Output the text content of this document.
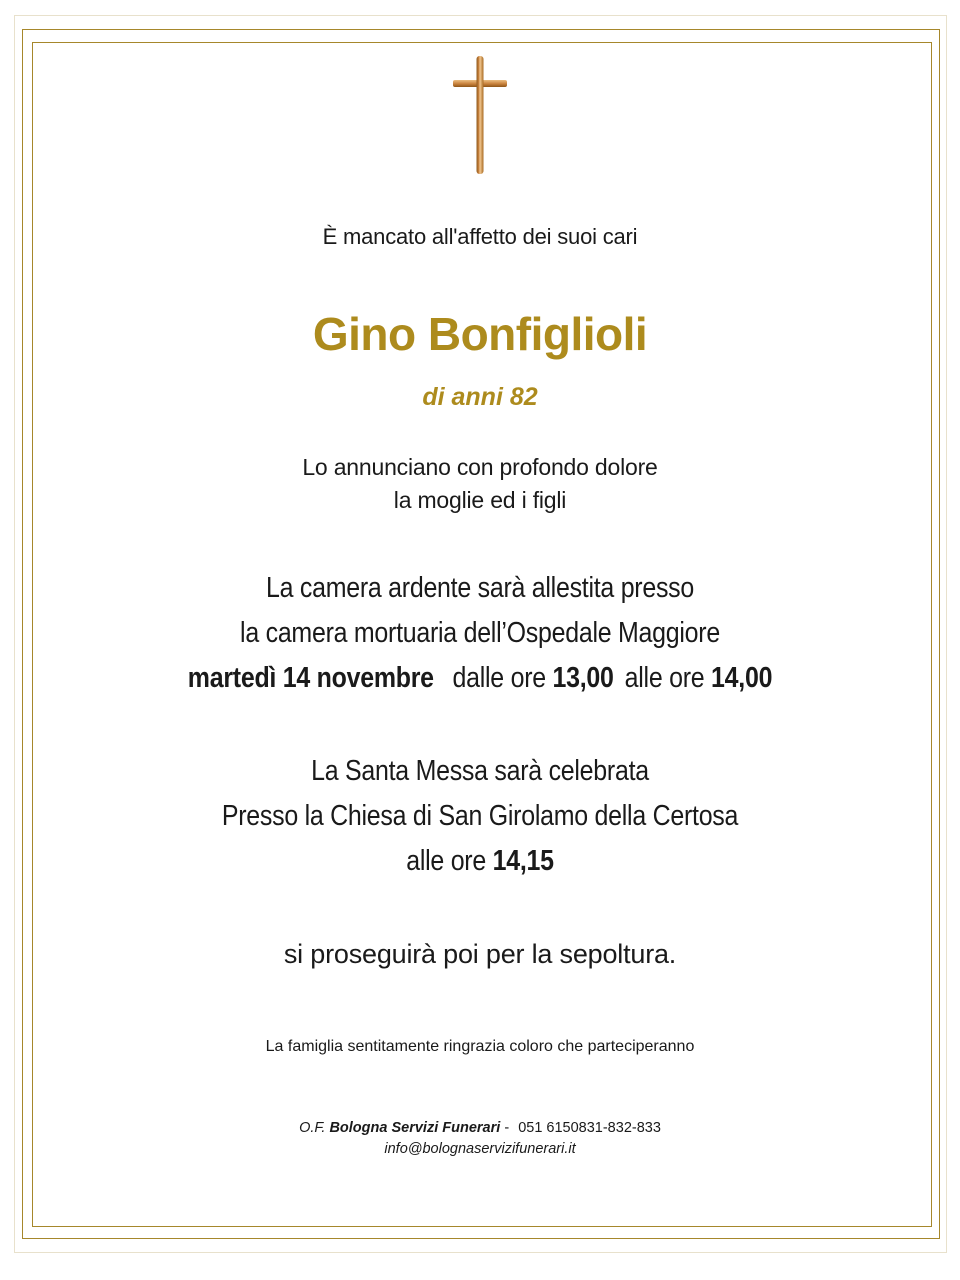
È mancato all'affetto dei suoi cari

Gino Bonfiglioli

di anni 82

Lo annunciano con profondo dolore

la moglie ed i figli

La camera ardente sarà allestita presso

la camera mortuaria dell’Ospedale Maggiore

martedì 14 novembre dalle ore 13,00 alle ore 14,00

La Santa Messa sarà celebrata

Presso la Chiesa di San Girolamo della Certosa

alle ore 14,15

si proseguirà poi per la sepoltura.

La famiglia sentitamente ringrazia coloro che parteciperanno

O.F. Bologna Servizi Funerari - 051 6150831-832-833

info@bolognaservizifunerari.it
